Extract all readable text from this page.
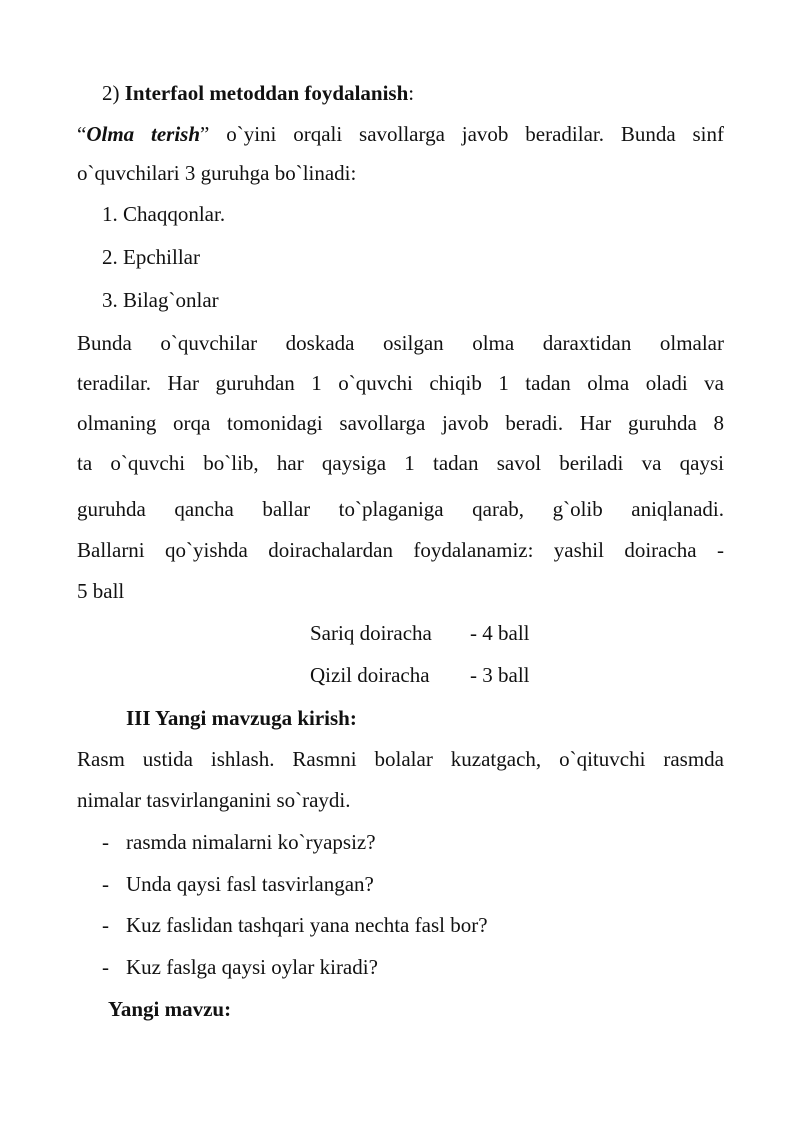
2) Interfaol metoddan foydalanish:
“Olma terish” o`yini orqali savollarga javob beradilar. Bunda sinf
o`quvchilari 3 guruhga bo`linadi:
1. Chaqqonlar.
2. Epchillar
3. Bilag`onlar
Bunda o`quvchilar doskada osilgan olma daraxtidan olmalar
teradilar. Har guruhdan 1 o`quvchi chiqib 1 tadan olma oladi va
olmaning orqa tomonidagi savollarga javob beradi. Har guruhda 8
ta o`quvchi bo`lib, har qaysiga 1 tadan savol beriladi va qaysi
guruhda qancha ballar to`plaganiga qarab, g`olib aniqlanadi.
Ballarni qo`yishda doirachalardan foydalanamiz: yashil doiracha -
5 ball
Sariq doiracha - 4 ball
Qizil doiracha - 3 ball
III Yangi mavzuga kirish:
Rasm ustida ishlash. Rasmni bolalar kuzatgach, o`qituvchi rasmda
nimalar tasvirlanganini so`raydi.
- rasmda nimalarni ko`ryapsiz?
- Unda qaysi fasl tasvirlangan?
- Kuz faslidan tashqari yana nechta fasl bor?
- Kuz faslga qaysi oylar kiradi?
Yangi mavzu:
